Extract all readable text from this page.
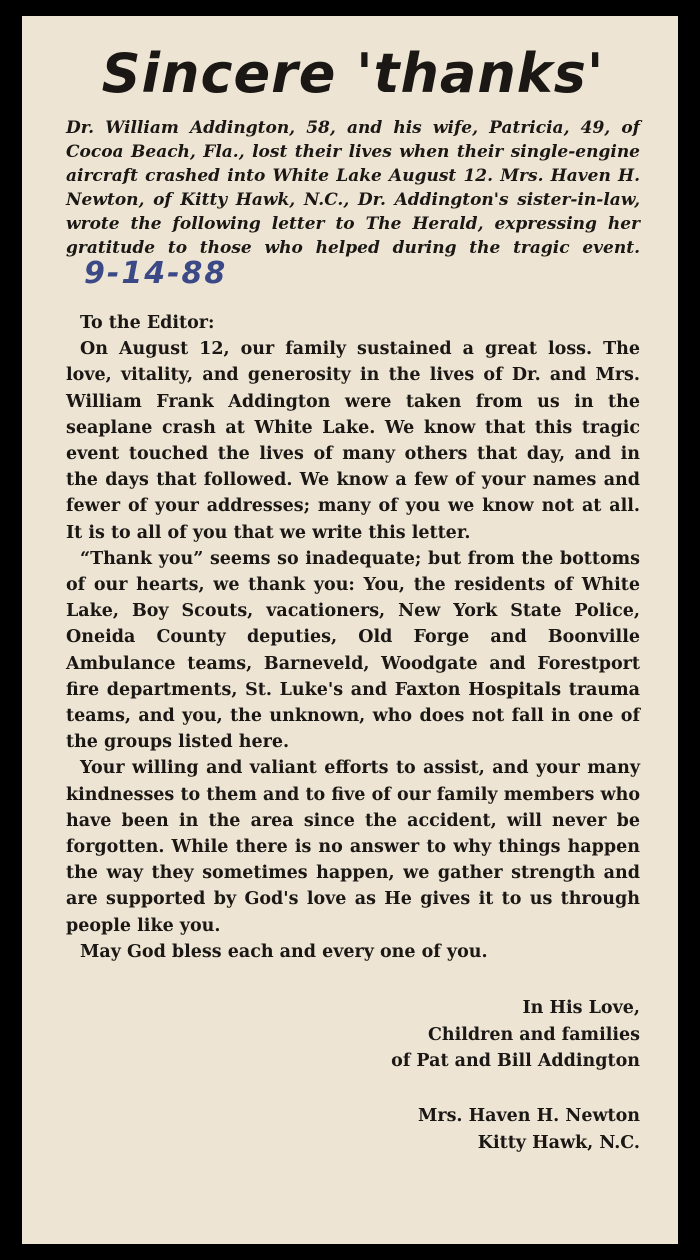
Sincere 'thanks'
Dr. William Addington, 58, and his wife, Patricia, 49, of Cocoa Beach, Fla., lost their lives when their single-engine aircraft crashed into White Lake August 12. Mrs. Haven H. Newton, of Kitty Hawk, N.C., Dr. Addington's sister-in-law, wrote the following letter to The Herald, expressing her gratitude to those who helped during the tragic event.9-14-88

To the Editor:

On August 12, our family sustained a great loss. The love, vitality, and generosity in the lives of Dr. and Mrs. William Frank Addington were taken from us in the seaplane crash at White Lake. We know that this tragic event touched the lives of many others that day, and in the days that followed. We know a few of your names and fewer of your addresses; many of you we know not at all. It is to all of you that we write this letter.

“Thank you” seems so inadequate; but from the bottoms of our hearts, we thank you: You, the residents of White Lake, Boy Scouts, vacationers, New York State Police, Oneida County deputies, Old Forge and Boonville Ambulance teams, Barneveld, Woodgate and Forestport fire departments, St. Luke's and Faxton Hospitals trauma teams, and you, the unknown, who does not fall in one of the groups listed here.

Your willing and valiant efforts to assist, and your many kindnesses to them and to five of our family members who have been in the area since the accident, will never be forgotten. While there is no answer to why things happen the way they sometimes happen, we gather strength and are supported by God's love as He gives it to us through people like you.

May God bless each and every one of you.

In His Love,
Children and families
of Pat and Bill Addington
Mrs. Haven H. Newton
Kitty Hawk, N.C.
